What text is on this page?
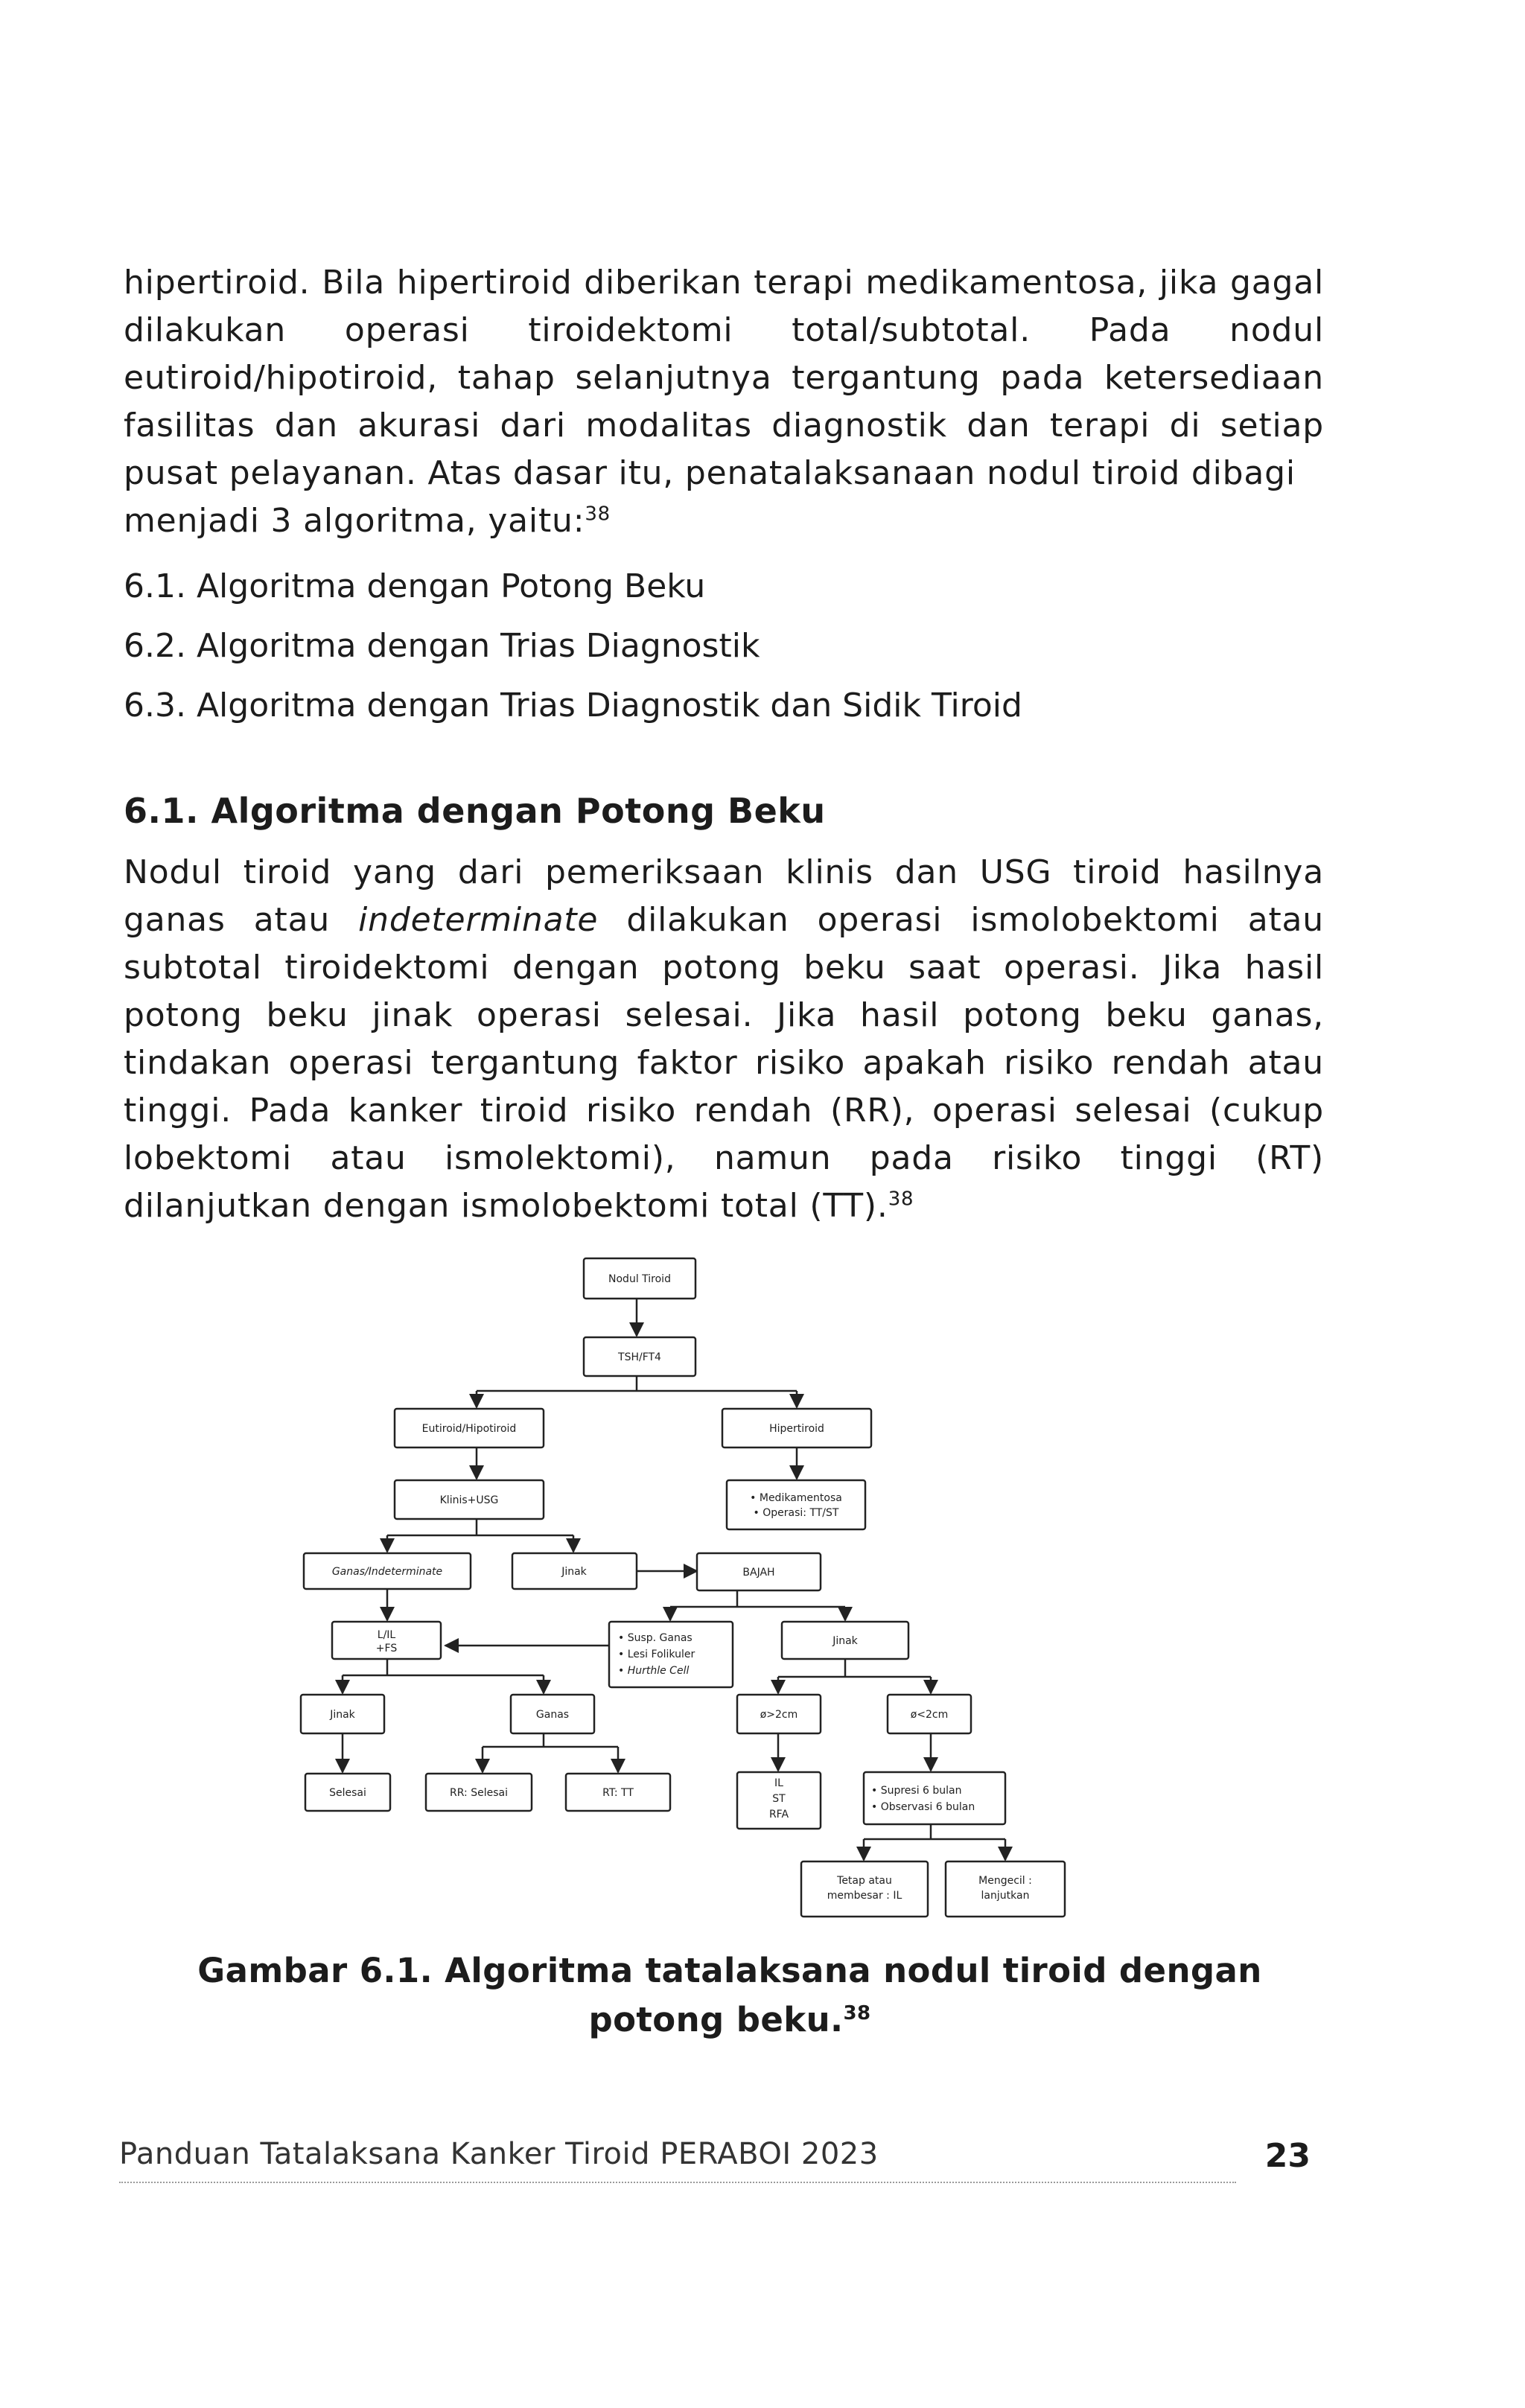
hipertiroid. Bila hipertiroid diberikan terapi medikamentosa, jika gagal dilakukan operasi tiroidektomi total/subtotal. Pada nodul eutiroid/hipotiroid, tahap selanjutnya tergantung pada ketersediaan fasilitas dan akurasi dari modalitas diagnostik dan terapi di setiap pusat pelayanan. Atas dasar itu, penatalaksanaan nodul tiroid dibagi

menjadi 3 algoritma, yaitu:$^{38}$

6.1. Algoritma dengan Potong Beku
6.2. Algoritma dengan Trias Diagnostik
6.3. Algoritma dengan Trias Diagnostik dan Sidik Tiroid
6.1. Algoritma dengan Potong Beku

Nodul tiroid yang dari pemeriksaan klinis dan USG tiroid hasilnya ganas atau indeterminate dilakukan operasi ismolobektomi atau subtotal tiroidektomi dengan potong beku saat operasi. Jika hasil potong beku jinak operasi selesai. Jika hasil potong beku ganas, tindakan operasi tergantung faktor risiko apakah risiko rendah atau tinggi. Pada kanker tiroid risiko rendah (RR), operasi selesai (cukup lobektomi atau ismolektomi), namun pada risiko tinggi (RT) dilanjutkan dengan ismolobektomi total (TT).$^{38}$

Nodul Tiroid
TSH/FT4
Eutiroid/Hipotiroid	Hipertiroid
Klinis+USG	• Medikamentosa
• Operasi: TT/ST
Ganas/Indeterminate	Jinak	BAJAH
L/IL
+FS
• Susp. Ganas
• Lesi Folikuler
• Hurthle Cell
Jinak
Jinak	Ganas	ø>2cm	ø<2cm
Selesai	RR: Selesai	RT: TT
IL
ST
RFA
• Supresi 6 bulan
• Observasi 6 bulan
Tetap atau
membesar : IL
Mengecil :
lanjutkan

Gambar 6.1. Algoritma tatalaksana nodul tiroid dengan potong beku.$^{38}$

Panduan Tatalaksana Kanker Tiroid PERABOI 2023	23
